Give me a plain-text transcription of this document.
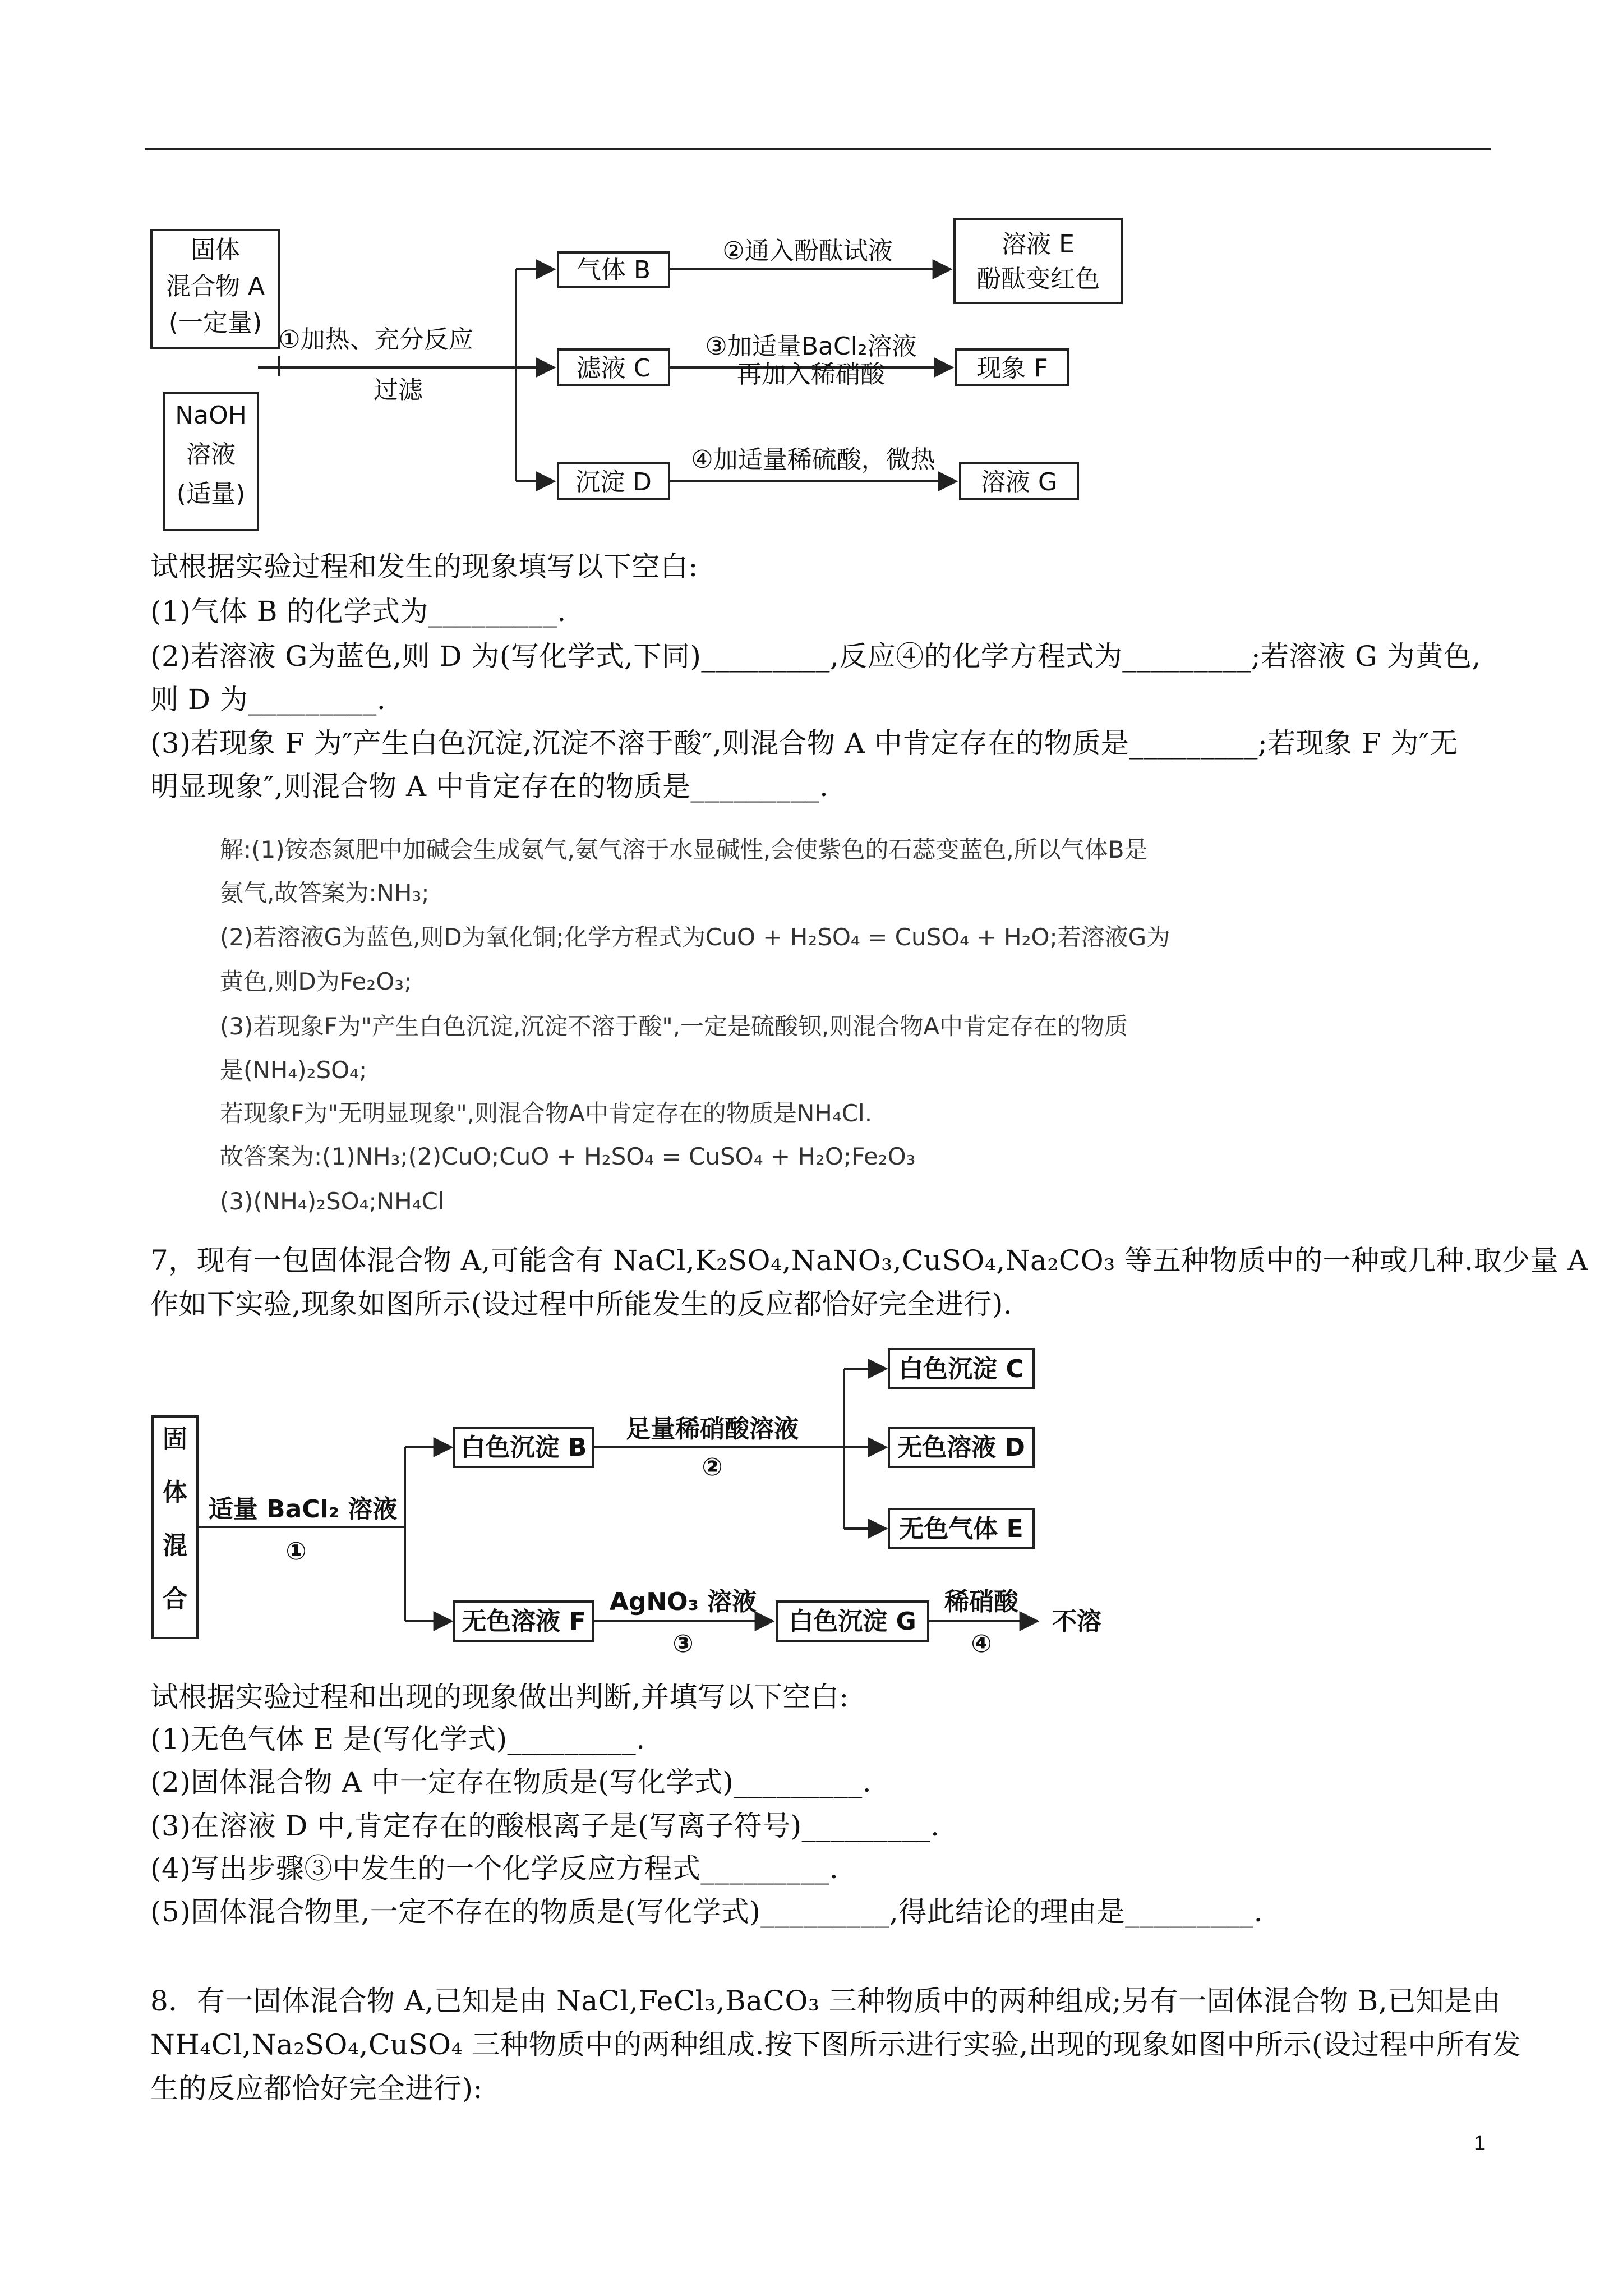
固体
混合物 A
(一定量)
NaOH
溶液
(适量)
①加热、充分反应
过滤
气体 B
②通入酚酞试液	溶液 E
酚酞变红色
滤液 C
③加适量BaCl₂溶液
再加入稀硝酸	现象 F
沉淀 D
④加适量稀硫酸，微热
溶液 G
试根据实验过程和发生的现象填写以下空白:
(1)气体 B 的化学式为_________.
(2)若溶液 G为蓝色,则 D 为(写化学式,下同)_________,反应④的化学方程式为_________;若溶液 G 为黄色,
则 D 为_________.
(3)若现象 F 为″产生白色沉淀,沉淀不溶于酸″,则混合物 A 中肯定存在的物质是_________;若现象 F 为″无
明显现象″,则混合物 A 中肯定存在的物质是_________.
解:(1)铵态氮肥中加碱会生成氨气,氨气溶于水显碱性,会使紫色的石蕊变蓝色,所以气体B是
氨气,故答案为:NH₃;
(2)若溶液G为蓝色,则D为氧化铜;化学方程式为CuO + H₂SO₄ = CuSO₄ + H₂O;若溶液G为
黄色,则D为Fe₂O₃;
(3)若现象F为"产生白色沉淀,沉淀不溶于酸",一定是硫酸钡,则混合物A中肯定存在的物质
是(NH₄)₂SO₄;
若现象F为"无明显现象",则混合物A中肯定存在的物质是NH₄Cl.
故答案为:(1)NH₃;(2)CuO;CuO + H₂SO₄ = CuSO₄ + H₂O;Fe₂O₃
(3)(NH₄)₂SO₄;NH₄Cl
7，现有一包固体混合物 A,可能含有 NaCl,K₂SO₄,NaNO₃,CuSO₄,Na₂CO₃ 等五种物质中的一种或几种.取少量 A
作如下实验,现象如图所示(设过程中所能发生的反应都恰好完全进行).
固
体
混
合
适量 BaCl₂ 溶液
①
白色沉淀 B
足量稀硝酸溶液
②
白色沉淀 C
无色溶液 D
无色气体 E
无色溶液 F
AgNO₃ 溶液
③
白色沉淀 G
稀硝酸
④
不溶
试根据实验过程和出现的现象做出判断,并填写以下空白:
(1)无色气体 E 是(写化学式)_________.
(2)固体混合物 A 中一定存在物质是(写化学式)_________.
(3)在溶液 D 中,肯定存在的酸根离子是(写离子符号)_________.
(4)写出步骤③中发生的一个化学反应方程式_________.
(5)固体混合物里,一定不存在的物质是(写化学式)_________,得此结论的理由是_________.
8．有一固体混合物 A,已知是由 NaCl,FeCl₃,BaCO₃ 三种物质中的两种组成;另有一固体混合物 B,已知是由
NH₄Cl,Na₂SO₄,CuSO₄ 三种物质中的两种组成.按下图所示进行实验,出现的现象如图中所示(设过程中所有发
生的反应都恰好完全进行):
1
